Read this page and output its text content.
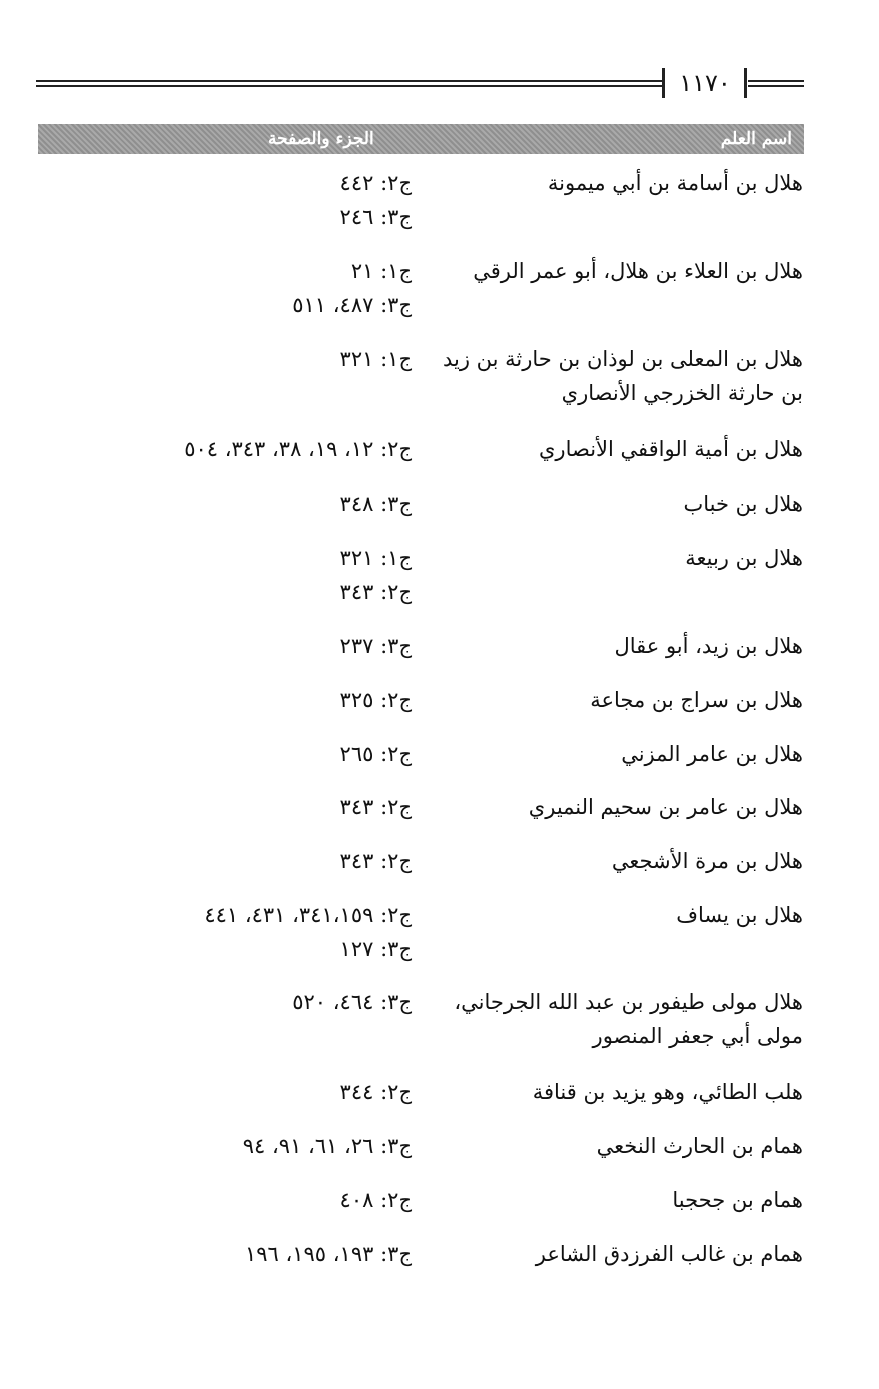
١١٧٠
اسم العلم
الجزء والصفحة
هلال بن أسامة بن أبي ميمونة
ج٢: ٤٤٢
ج٣: ٢٤٦
هلال بن العلاء بن هلال، أبو عمر الرقي
ج١: ٢١
ج٣: ٤٨٧، ٥١١
هلال بن المعلى بن لوذان بن حارثة بن زيد بن حارثة الخزرجي الأنصاري
ج١: ٣٢١
هلال بن أمية الواقفي الأنصاري
ج٢: ١٢، ١٩، ٣٨، ٣٤٣، ٥٠٤
هلال بن خباب
ج٣: ٣٤٨
هلال بن ربيعة
ج١: ٣٢١
ج٢: ٣٤٣
هلال بن زيد، أبو عقال
ج٣: ٢٣٧
هلال بن سراج بن مجاعة
ج٢: ٣٢٥
هلال بن عامر المزني
ج٢: ٢٦٥
هلال بن عامر بن سحيم النميري
ج٢: ٣٤٣
هلال بن مرة الأشجعي
ج٢: ٣٤٣
هلال بن يساف
ج٢: ٣٤١،١٥٩، ٤٣١، ٤٤١
ج٣: ١٢٧
هلال مولى طيفور بن عبد الله الجرجاني، مولى أبي جعفر المنصور
ج٣: ٤٦٤، ٥٢٠
هلب الطائي، وهو يزيد بن قنافة
ج٢: ٣٤٤
همام بن الحارث النخعي
ج٣: ٢٦، ٦١، ٩١، ٩٤
همام بن جحجبا
ج٢: ٤٠٨
همام بن غالب الفرزدق الشاعر
ج٣: ١٩٣، ١٩٥، ١٩٦
